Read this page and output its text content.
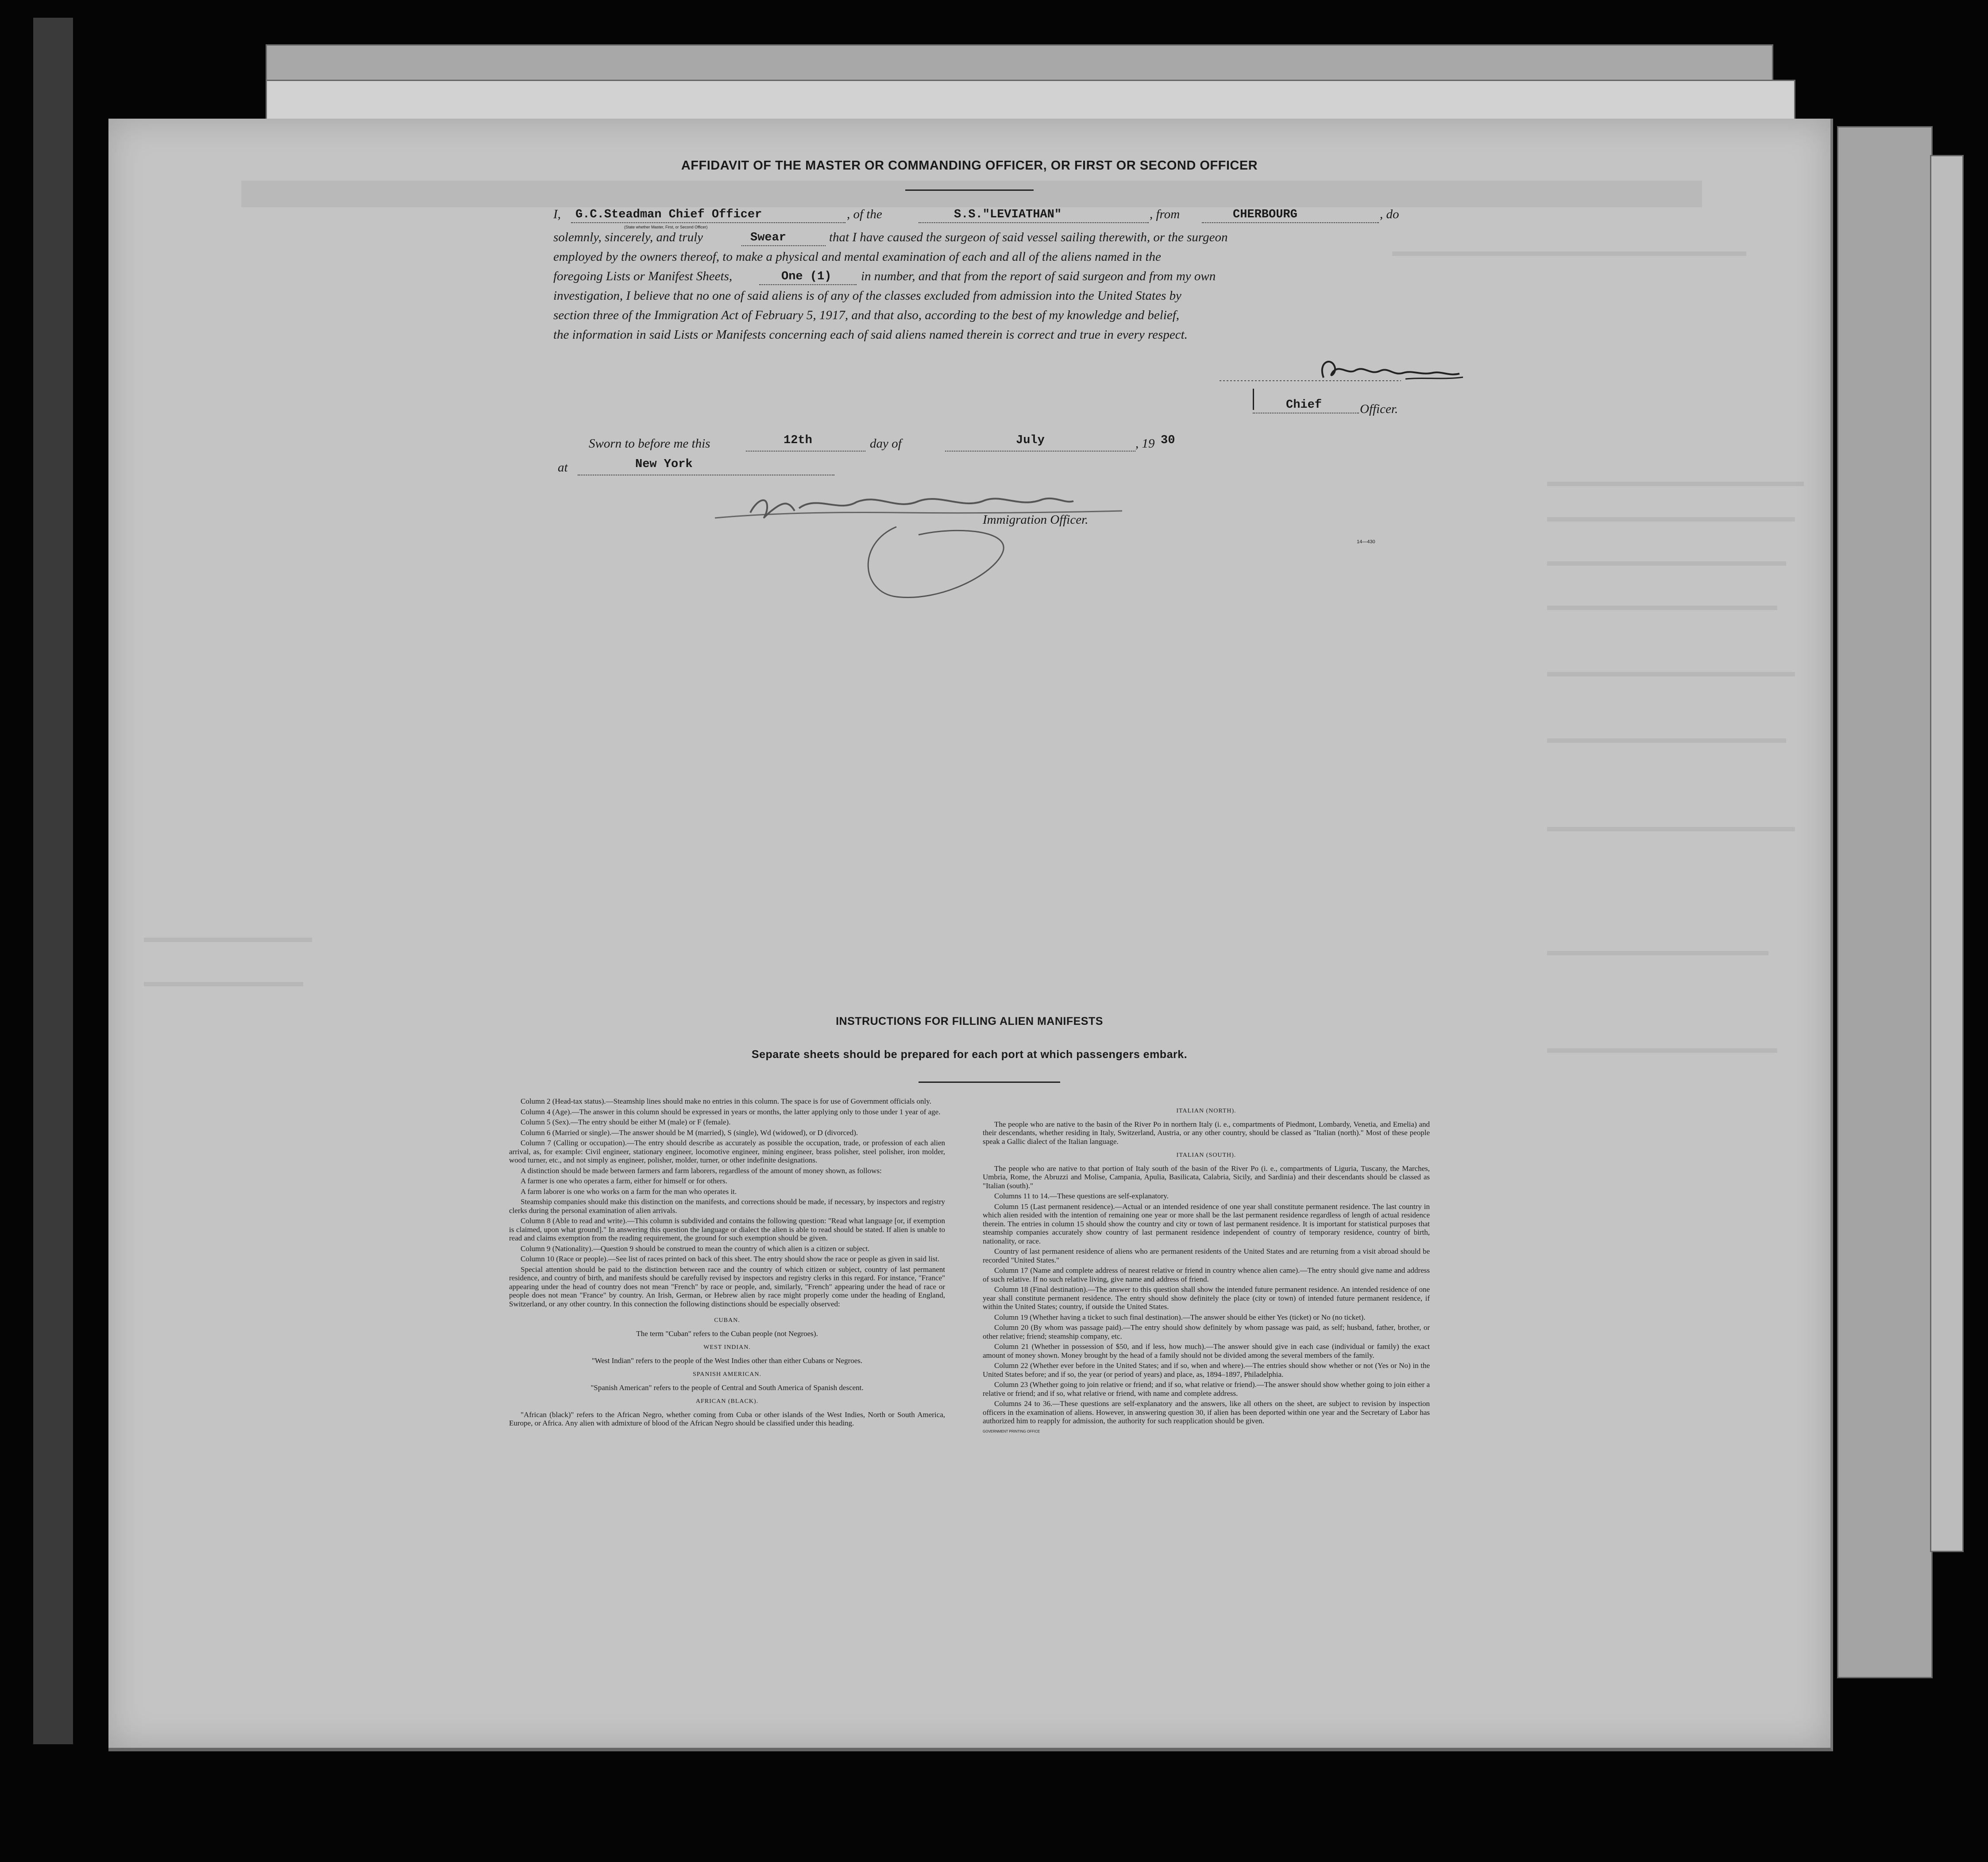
AFFIDAVIT OF THE MASTER OR COMMANDING OFFICER, OR FIRST OR SECOND OFFICER
I, G.C.Steadman Chief Officer
(State whether Master, First, or Second Officer)
, of the	S.S."LEVIATHAN"	, from	CHERBOURG	, do
solemnly, sincerely, and truly	Swear	that I have caused the surgeon of said vessel sailing therewith, or the surgeon
employed by the owners thereof, to make a physical and mental examination of each and all of the aliens named in the
foregoing Lists or Manifest Sheets,	One (1) in number, and that from the report of said surgeon and from my own
investigation, I believe that no one of said aliens is of any of the classes excluded from admission into the United States by
section three of the Immigration Act of February 5, 1917, and that also, according to the best of my knowledge and belief,
the information in said Lists or Manifests concerning each of said aliens named therein is correct and true in every respect.
Chief	Officer.
Sworn to before me this	12th	day of	July	, 19 30
at	New York
Immigration Officer.
14—430
INSTRUCTIONS FOR FILLING ALIEN MANIFESTS
Separate sheets should be prepared for each port at which passengers embark.

Column 2 (Head-tax status).—Steamship lines should make no entries in this column. The space is for use of Government officials only.

Column 4 (Age).—The answer in this column should be expressed in years or months, the latter applying only to those under 1 year of age.

Column 5 (Sex).—The entry should be either M (male) or F (female).

Column 6 (Married or single).—The answer should be M (married), S (single), Wd (widowed), or D (divorced).

Column 7 (Calling or occupation).—The entry should describe as accurately as possible the occupation, trade, or profession of each alien arrival, as, for example: Civil engineer, stationary engineer, locomotive engineer, mining engineer, brass polisher, steel polisher, iron molder, wood turner, etc., and not simply as engineer, polisher, molder, turner, or other indefinite designations.

A distinction should be made between farmers and farm laborers, regardless of the amount of money shown, as follows:

A farmer is one who operates a farm, either for himself or for others.

A farm laborer is one who works on a farm for the man who operates it.

Steamship companies should make this distinction on the manifests, and corrections should be made, if necessary, by inspectors and registry clerks during the personal examination of alien arrivals.

Column 8 (Able to read and write).—This column is subdivided and contains the following question: "Read what language [or, if exemption is claimed, upon what ground]." In answering this question the language or dialect the alien is able to read should be stated. If alien is unable to read and claims exemption from the reading requirement, the ground for such exemption should be given.

Column 9 (Nationality).—Question 9 should be construed to mean the country of which alien is a citizen or subject.

Column 10 (Race or people).—See list of races printed on back of this sheet. The entry should show the race or people as given in said list.

Special attention should be paid to the distinction between race and the country of which citizen or subject, country of last permanent residence, and country of birth, and manifests should be carefully revised by inspectors and registry clerks in this regard. For instance, "France" appearing under the head of country does not mean "French" by race or people, and, similarly, "French" appearing under the head of race or people does not mean "France" by country. An Irish, German, or Hebrew alien by race might properly come under the heading of England, Switzerland, or any other country. In this connection the following distinctions should be especially observed:

CUBAN.

The term "Cuban" refers to the Cuban people (not Negroes).

WEST INDIAN.

"West Indian" refers to the people of the West Indies other than either Cubans or Negroes.

SPANISH AMERICAN.

"Spanish American" refers to the people of Central and South America of Spanish descent.

AFRICAN (BLACK).

"African (black)" refers to the African Negro, whether coming from Cuba or other islands of the West Indies, North or South America, Europe, or Africa. Any alien with admixture of blood of the African Negro should be classified under this heading.

ITALIAN (NORTH).

The people who are native to the basin of the River Po in northern Italy (i. e., compartments of Piedmont, Lombardy, Venetia, and Emelia) and their descendants, whether residing in Italy, Switzerland, Austria, or any other country, should be classed as "Italian (north)." Most of these people speak a Gallic dialect of the Italian language.

ITALIAN (SOUTH).

The people who are native to that portion of Italy south of the basin of the River Po (i. e., compartments of Liguria, Tuscany, the Marches, Umbria, Rome, the Abruzzi and Molise, Campania, Apulia, Basilicata, Calabria, Sicily, and Sardinia) and their descendants should be classed as "Italian (south)."

Columns 11 to 14.—These questions are self-explanatory.

Column 15 (Last permanent residence).—Actual or an intended residence of one year shall constitute permanent residence. The last country in which alien resided with the intention of remaining one year or more shall be the last permanent residence regardless of length of actual residence therein. The entries in column 15 should show the country and city or town of last permanent residence. It is important for statistical purposes that steamship companies accurately show country of last permanent residence independent of country of temporary residence, country of birth, nationality, or race.

Country of last permanent residence of aliens who are permanent residents of the United States and are returning from a visit abroad should be recorded "United States."

Column 17 (Name and complete address of nearest relative or friend in country whence alien came).—The entry should give name and address of such relative. If no such relative living, give name and address of friend.

Column 18 (Final destination).—The answer to this question shall show the intended future permanent residence. An intended residence of one year shall constitute permanent residence. The entry should show definitely the place (city or town) of intended future permanent residence, if within the United States; country, if outside the United States.

Column 19 (Whether having a ticket to such final destination).—The answer should be either Yes (ticket) or No (no ticket).

Column 20 (By whom was passage paid).—The entry should show definitely by whom passage was paid, as self; husband, father, brother, or other relative; friend; steamship company, etc.

Column 21 (Whether in possession of $50, and if less, how much).—The answer should give in each case (individual or family) the exact amount of money shown. Money brought by the head of a family should not be divided among the several members of the family.

Column 22 (Whether ever before in the United States; and if so, when and where).—The entries should show whether or not (Yes or No) in the United States before; and if so, the year (or period of years) and place, as, 1894–1897, Philadelphia.

Column 23 (Whether going to join relative or friend; and if so, what relative or friend).—The answer should show whether going to join either a relative or friend; and if so, what relative or friend, with name and complete address.

Columns 24 to 36.—These questions are self-explanatory and the answers, like all others on the sheet, are subject to revision by inspection officers in the examination of aliens. However, in answering question 30, if alien has been deported within one year and the Secretary of Labor has authorized him to reapply for admission, the authority for such reapplication should be given.

GOVERNMENT PRINTING OFFICE
